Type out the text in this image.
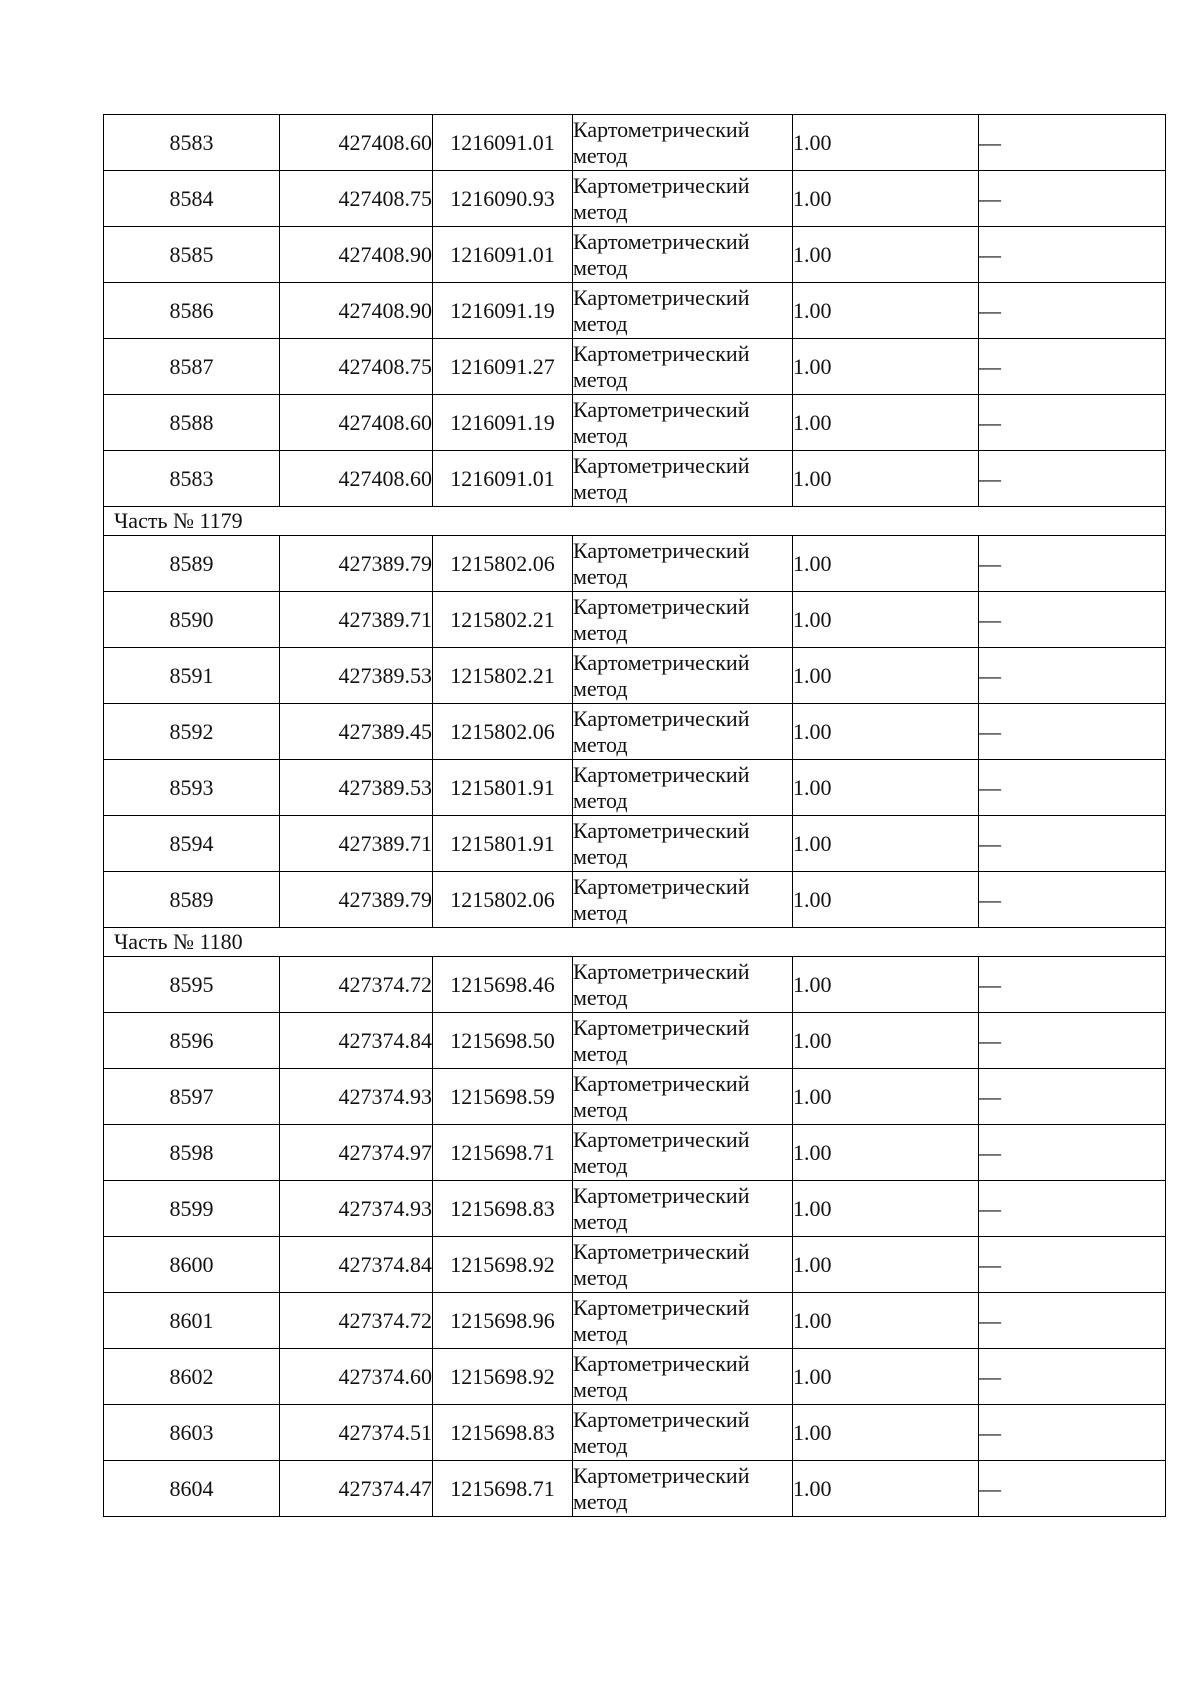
8583	427408.60	1216091.01	Картометрический метод	1.00	—
8584	427408.75	1216090.93	Картометрический метод	1.00	—
8585	427408.90	1216091.01	Картометрический метод	1.00	—
8586	427408.90	1216091.19	Картометрический метод	1.00	—
8587	427408.75	1216091.27	Картометрический метод	1.00	—
8588	427408.60	1216091.19	Картометрический метод	1.00	—
8583	427408.60	1216091.01	Картометрический метод	1.00	—
Часть № 1179					
8589	427389.79	1215802.06	Картометрический метод	1.00	—
8590	427389.71	1215802.21	Картометрический метод	1.00	—
8591	427389.53	1215802.21	Картометрический метод	1.00	—
8592	427389.45	1215802.06	Картометрический метод	1.00	—
8593	427389.53	1215801.91	Картометрический метод	1.00	—
8594	427389.71	1215801.91	Картометрический метод	1.00	—
8589	427389.79	1215802.06	Картометрический метод	1.00	—
Часть № 1180					
8595	427374.72	1215698.46	Картометрический метод	1.00	—
8596	427374.84	1215698.50	Картометрический метод	1.00	—
8597	427374.93	1215698.59	Картометрический метод	1.00	—
8598	427374.97	1215698.71	Картометрический метод	1.00	—
8599	427374.93	1215698.83	Картометрический метод	1.00	—
8600	427374.84	1215698.92	Картометрический метод	1.00	—
8601	427374.72	1215698.96	Картометрический метод	1.00	—
8602	427374.60	1215698.92	Картометрический метод	1.00	—
8603	427374.51	1215698.83	Картометрический метод	1.00	—
8604	427374.47	1215698.71	Картометрический метод	1.00	—
